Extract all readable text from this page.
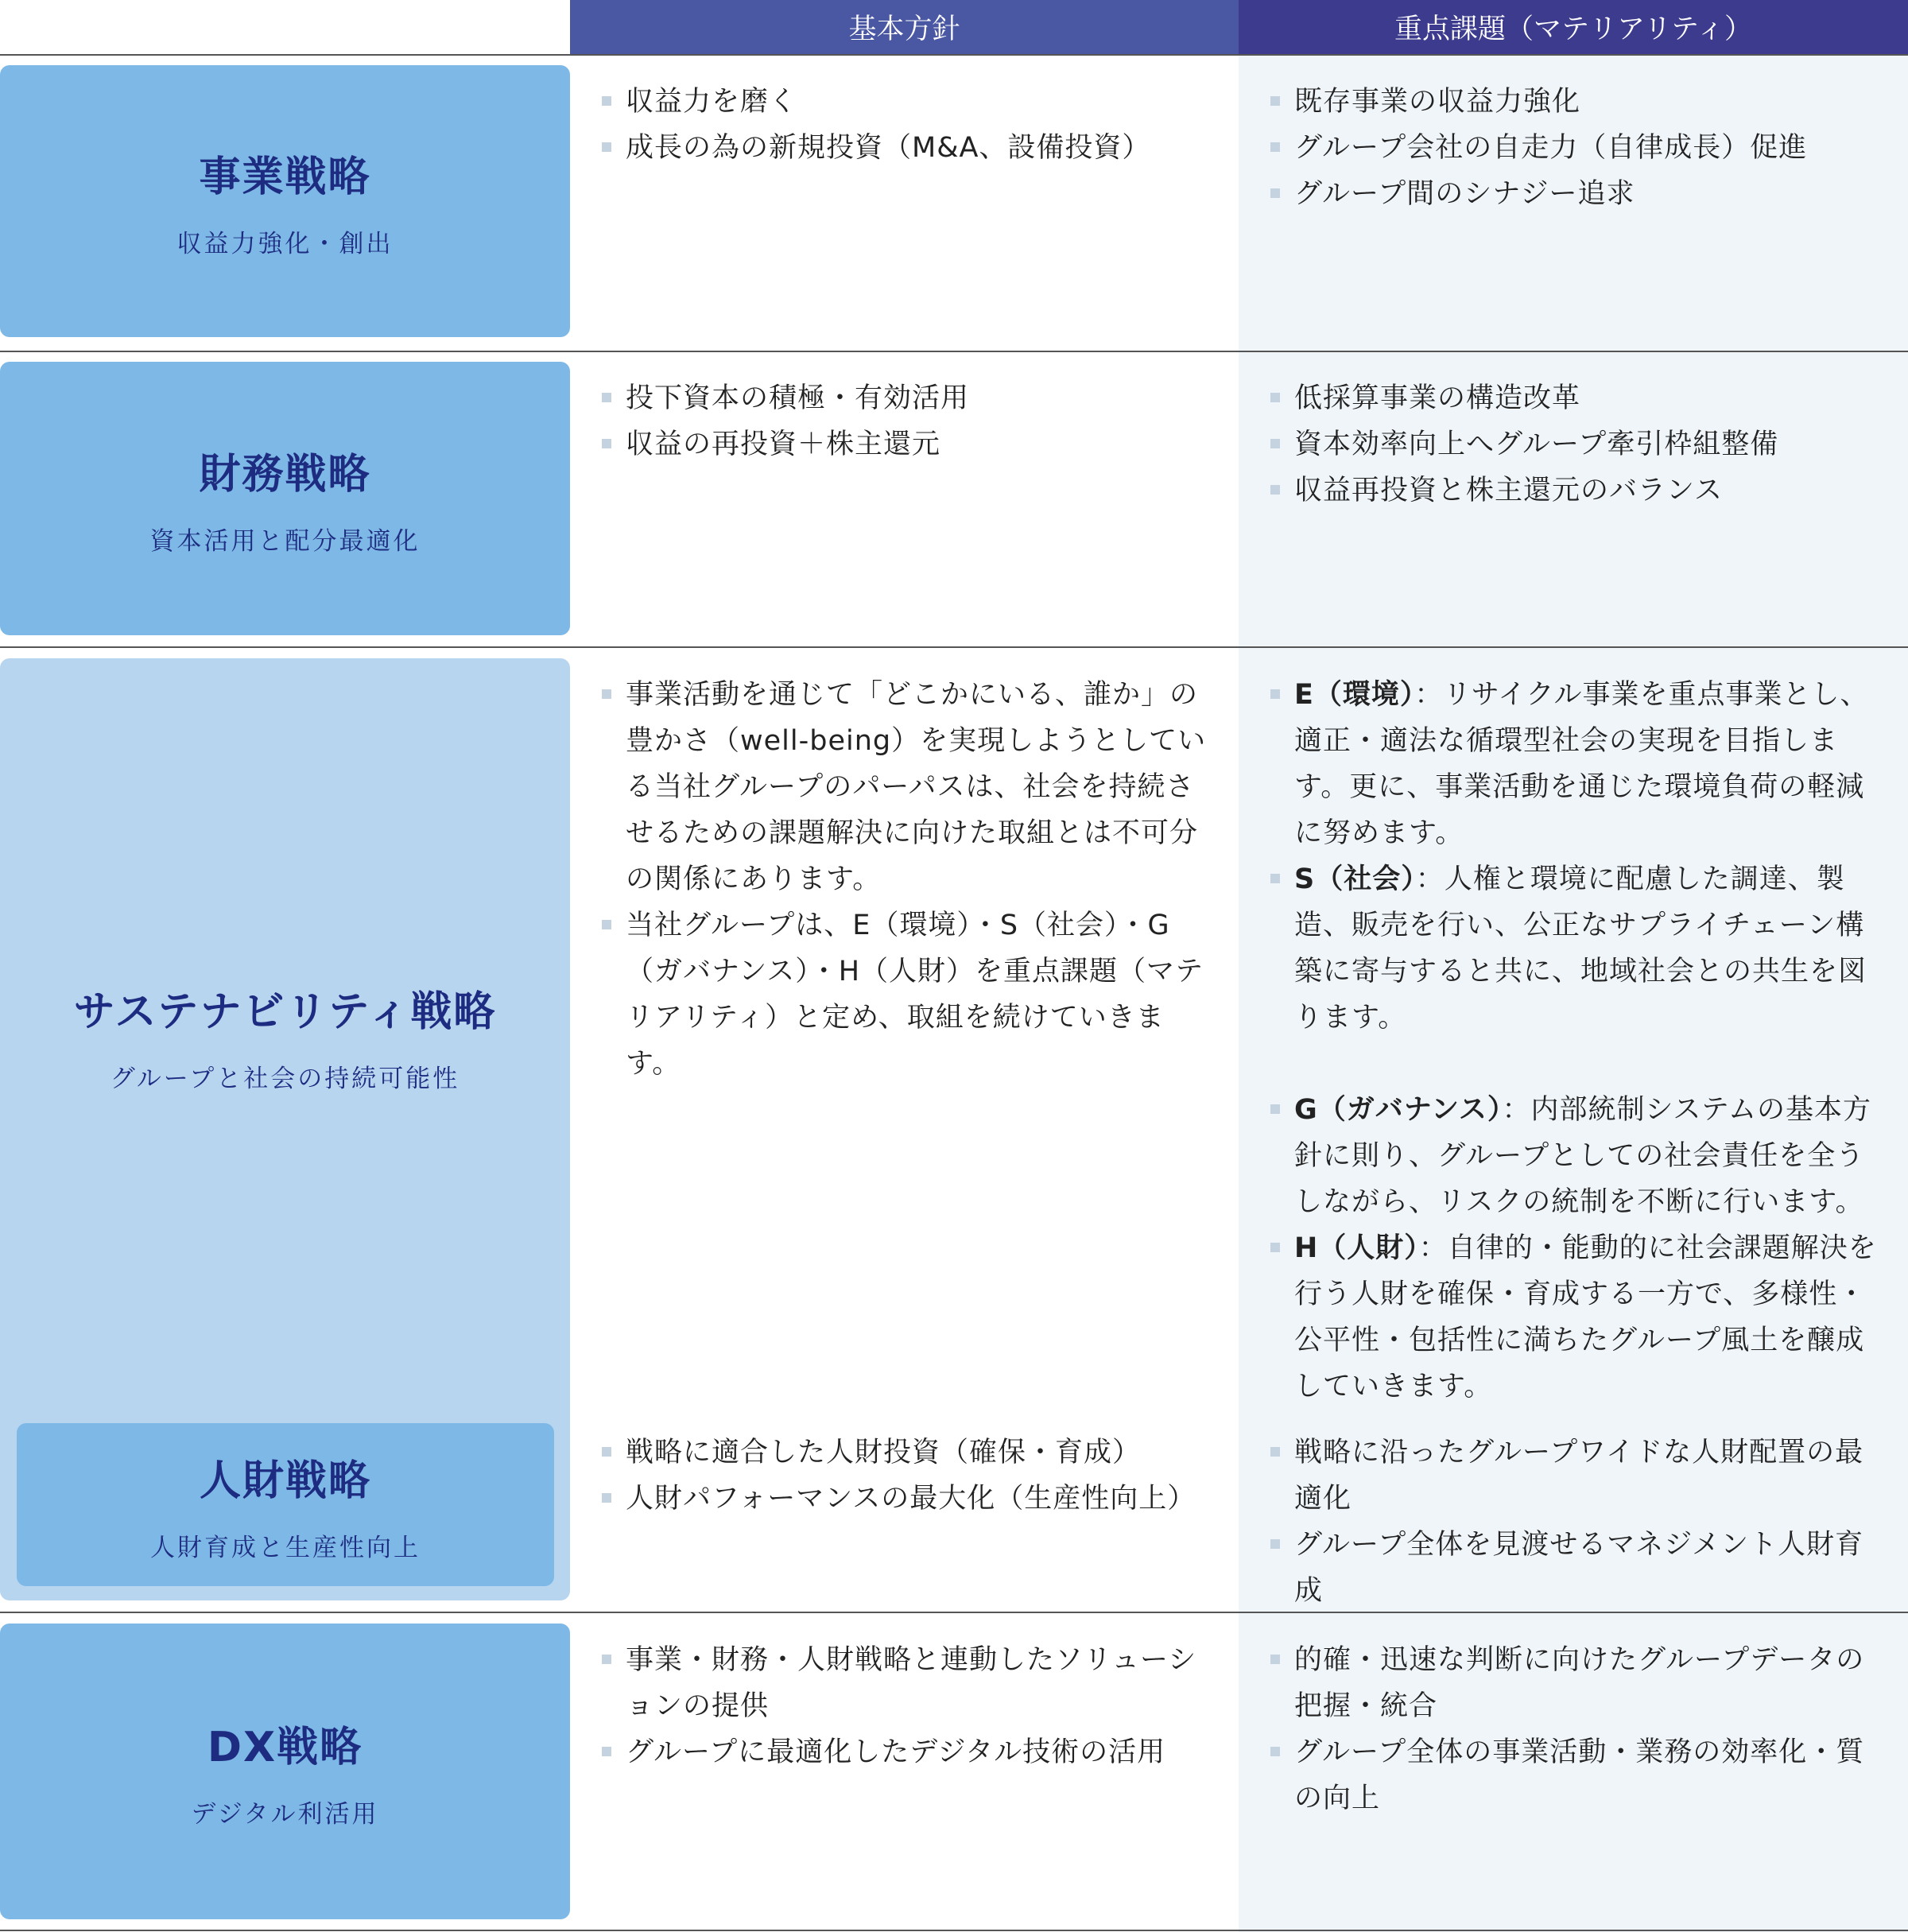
基本方針	重点課題（マテリアリティ）
事業戦略
収益力強化・創出
収益力を磨く
成長の為の新規投資（M&A、設備投資）
既存事業の収益力強化
グループ会社の自走力（自律成長）促進
グループ間のシナジー追求
財務戦略
資本活用と配分最適化
投下資本の積極・有効活用
収益の再投資＋株主還元
低採算事業の構造改革
資本効率向上へグループ牽引枠組整備
収益再投資と株主還元のバランス
サステナビリティ戦略
グループと社会の持続可能性
人財戦略
人財育成と生産性向上
事業活動を通じて「どこかにいる、誰か」の豊かさ（well-being）を実現しようとしている当社グループのパーパスは、社会を持続させるための課題解決に向けた取組とは不可分の関係にあります。
当社グループは、E（環境）・S（社会）・G（ガバナンス）・H（人財）を重点課題（マテリアリティ）と定め、取組を続けていきます。
E（環境）：リサイクル事業を重点事業とし、適正・適法な循環型社会の実現を目指します。更に、事業活動を通じた環境負荷の軽減に努めます。
S（社会）：人権と環境に配慮した調達、製造、販売を行い、公正なサプライチェーン構築に寄与すると共に、地域社会との共生を図ります。
G（ガバナンス）：内部統制システムの基本方針に則り、グループとしての社会責任を全うしながら、リスクの統制を不断に行います。
H（人財）：自律的・能動的に社会課題解決を行う人財を確保・育成する一方で、多様性・公平性・包括性に満ちたグループ風土を醸成していきます。
戦略に適合した人財投資（確保・育成）
人財パフォーマンスの最大化（生産性向上）
戦略に沿ったグループワイドな人財配置の最適化
グループ全体を見渡せるマネジメント人財育成
DX戦略
デジタル利活用
事業・財務・人財戦略と連動したソリューションの提供
グループに最適化したデジタル技術の活用
的確・迅速な判断に向けたグループデータの把握・統合
グループ全体の事業活動・業務の効率化・質の向上
